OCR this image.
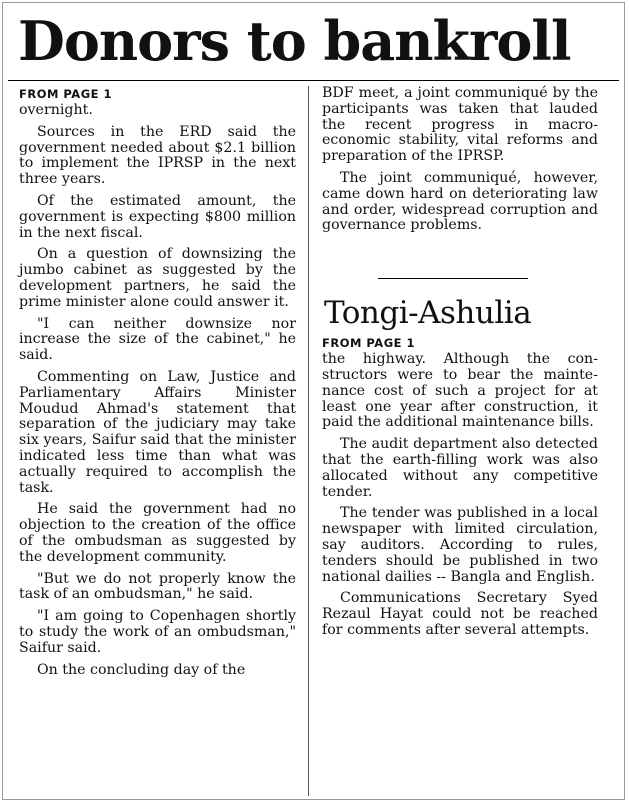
Donors to bankroll
FROM PAGE 1

overnight.

Sources in the ERD said the government needed about $2.1 billion to implement the IPRSP in the next three years.

Of the estimated amount, the government is expecting $800 million in the next fiscal.

On a question of downsizing the jumbo cabinet as suggested by the development partners, he said the prime minister alone could answer it.

"I can neither downsize nor increase the size of the cabinet," he said.

Commenting on Law, Justice and Parliamentary Affairs Minister Moudud Ahmad's statement that separation of the judiciary may take six years, Saifur said that the minister indicated less time than what was actually required to accomplish the task.

He said the government had no objection to the creation of the office of the ombudsman as suggested by the development community.

"But we do not properly know the task of an ombudsman," he said.

"I am going to Copenhagen shortly to study the work of an ombudsman," Saifur said.

On the concluding day of the

BDF meet, a joint communiqué by the participants was taken that lauded the recent progress in macro-economic stability, vital reforms and preparation of the IPRSP.

The joint communiqué, however, came down hard on deteriorating law and order, widespread corruption and governance problems.

Tongi-Ashulia
FROM PAGE 1

the highway. Although the constructors were to bear the maintenance cost of such a project for at least one year after construction, it paid the additional maintenance bills.

The audit department also detected that the earth-filling work was also allocated without any competitive tender.

The tender was published in a local newspaper with limited circulation, say auditors. According to rules, tenders should be published in two national dailies -- Bangla and English.

Communications Secretary Syed Rezaul Hayat could not be reached for comments after several attempts.
